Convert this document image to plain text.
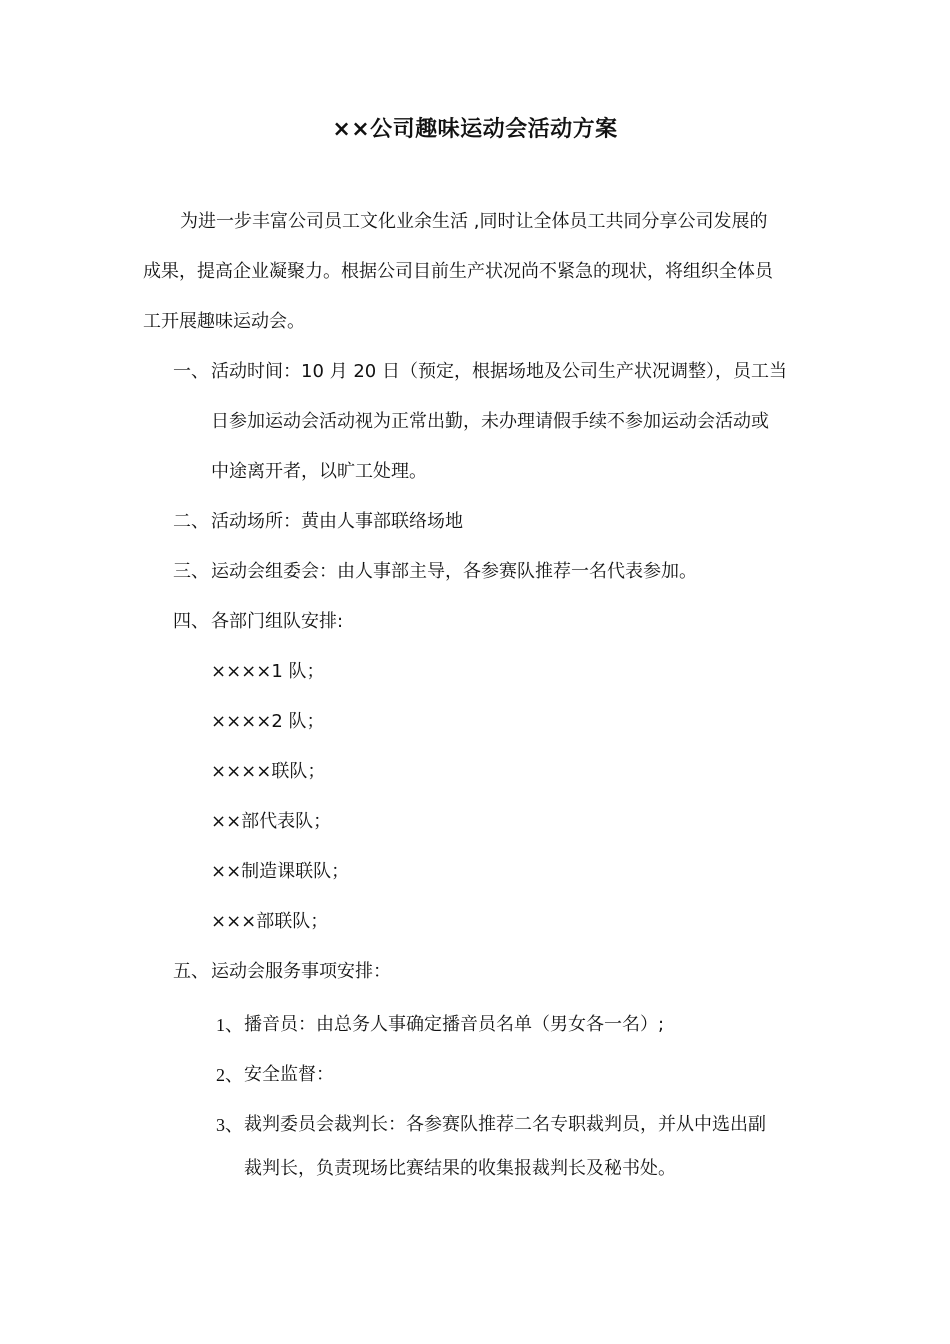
××公司趣味运动会活动方案
为进一步丰富公司员工文化业余生活 ,同时让全体员工共同分享公司发展的
成果，提高企业凝聚力。根据公司目前生产状况尚不紧急的现状，将组织全体员
工开展趣味运动会。
一、 活动时间：10 月 20 日（预定，根据场地及公司生产状况调整），员工当
日参加运动会活动视为正常出勤，未办理请假手续不参加运动会活动或
中途离开者，以旷工处理。
二、 活动场所：黄由人事部联络场地
三、 运动会组委会：由人事部主导，各参赛队推荐一名代表参加。
四、 各部门组队安排:
××××1 队；
××××2 队；
××××联队；
××部代表队；
××制造课联队；
×××部联队；
五、 运动会服务事项安排：
1、 播音员：由总务人事确定播音员名单（男女各一名）;
2、 安全监督：
3、 裁判委员会裁判长：各参赛队推荐二名专职裁判员，并从中选出副
裁判长，负责现场比赛结果的收集报裁判长及秘书处。
